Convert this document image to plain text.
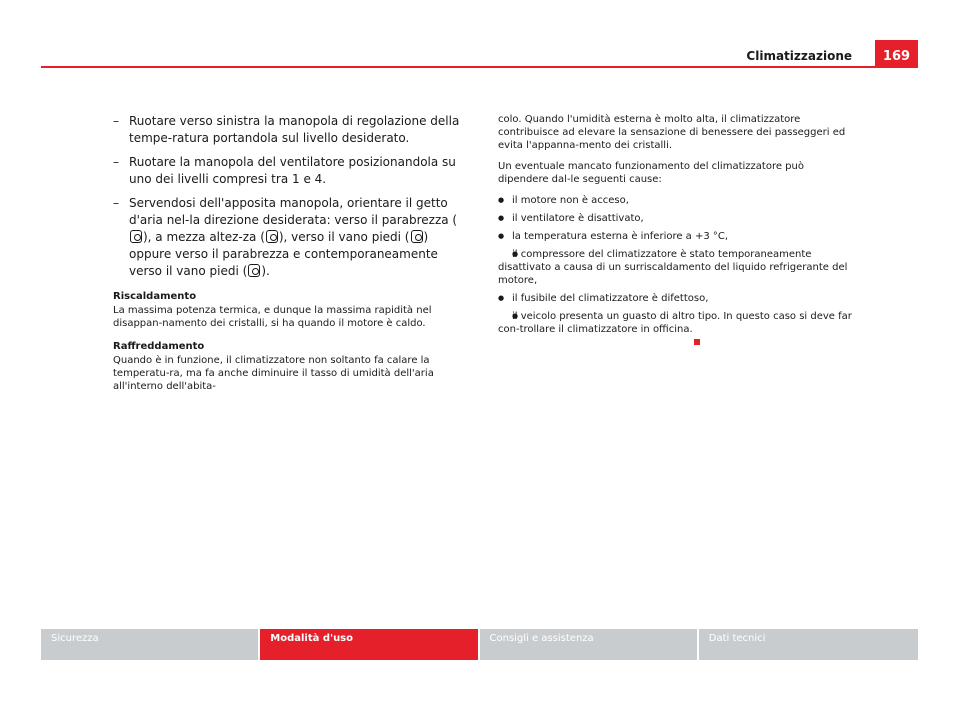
Climatizzazione	169
– Ruotare verso sinistra la manopola di regolazione della tempe-ratura portandola sul livello desiderato.
– Ruotare la manopola del ventilatore posizionandola su uno dei livelli compresi tra 1 e 4.
– Servendosi dell'apposita manopola, orientare il getto d'aria nel-la direzione desiderata: verso il parabrezza (), a mezza altez-za ( ), verso il vano piedi ( ) oppure verso il parabrezza e contemporaneamente verso il vano piedi ( ).
Riscaldamento
La massima potenza termica, e dunque la massima rapidità nel disappan-namento dei cristalli, si ha quando il motore è caldo.
Raffreddamento
Quando è in funzione, il climatizzatore non soltanto fa calare la temperatu-ra, ma fa anche diminuire il tasso di umidità dell'aria all'interno dell'abita-
colo. Quando l'umidità esterna è molto alta, il climatizzatore contribuisce ad elevare la sensazione di benessere dei passeggeri ed evita l'appanna-mento dei cristalli.
Un eventuale mancato funzionamento del climatizzatore può dipendere dal-le seguenti cause:
● il motore non è acceso,
● il ventilatore è disattivato,
● la temperatura esterna è inferiore a +3 °C,
● il compressore del climatizzatore è stato temporaneamente disattivato a causa di un surriscaldamento del liquido refrigerante del motore,
● il fusibile del climatizzatore è difettoso,
● il veicolo presenta un guasto di altro tipo. In questo caso si deve far con-trollare il climatizzatore in officina.
Sicurezza	Modalità d'uso	Consigli e assistenza	Dati tecnici
